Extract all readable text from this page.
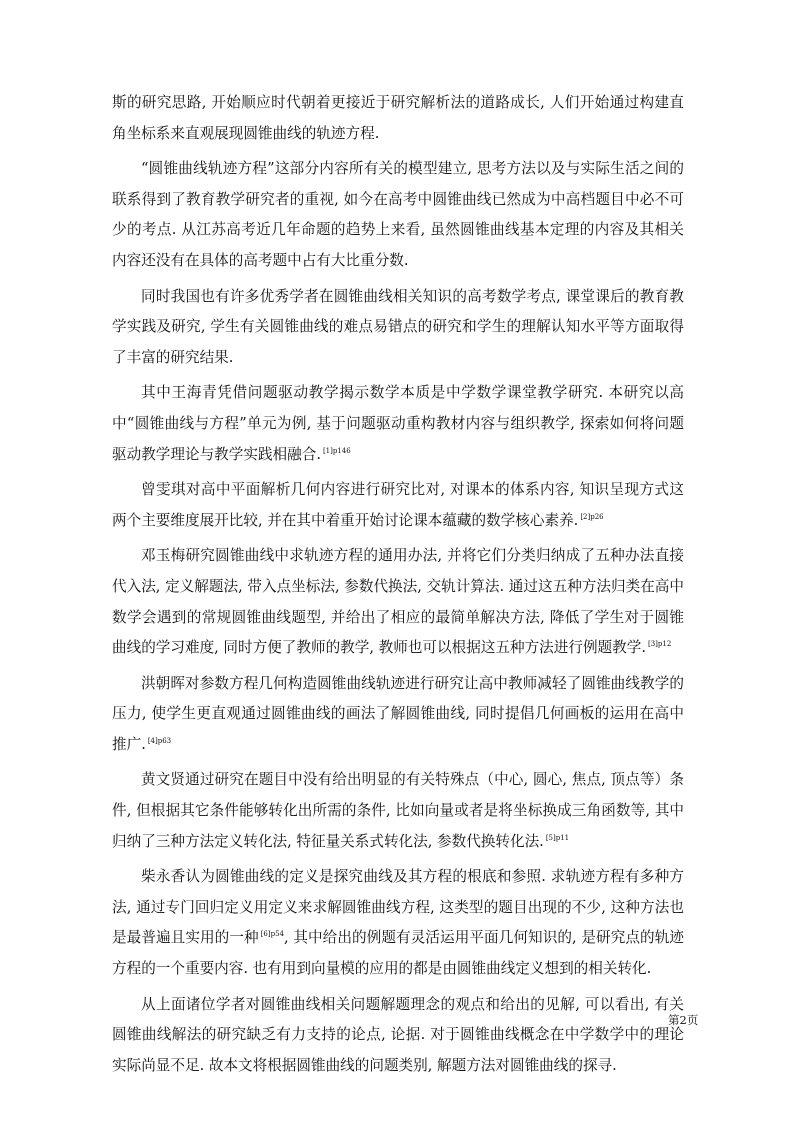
斯的研究思路, 开始顺应时代朝着更接近于研究解析法的道路成长, 人们开始通过构建直角坐标系来直观展现圆锥曲线的轨迹方程.

“圆锥曲线轨迹方程”这部分内容所有关的模型建立, 思考方法以及与实际生活之间的联系得到了教育教学研究者的重视, 如今在高考中圆锥曲线已然成为中高档题目中必不可少的考点. 从江苏高考近几年命题的趋势上来看, 虽然圆锥曲线基本定理的内容及其相关内容还没有在具体的高考题中占有大比重分数.

同时我国也有许多优秀学者在圆锥曲线相关知识的高考数学考点, 课堂课后的教育教学实践及研究, 学生有关圆锥曲线的难点易错点的研究和学生的理解认知水平等方面取得了丰富的研究结果.

其中王海青凭借问题驱动教学揭示数学本质是中学数学课堂教学研究. 本研究以高中“圆锥曲线与方程”单元为例, 基于问题驱动重构教材内容与组织教学, 探索如何将问题驱动教学理论与教学实践相融合. $^{[1]p146}$

曾雯琪对高中平面解析几何内容进行研究比对, 对课本的体系内容, 知识呈现方式这两个主要维度展开比较, 并在其中着重开始讨论课本蕴藏的数学核心素养. $^{[2]p26}$

邓玉梅研究圆锥曲线中求轨迹方程的通用办法, 并将它们分类归纳成了五种办法直接代入法, 定义解题法, 带入点坐标法, 参数代换法, 交轨计算法. 通过这五种方法归类在高中数学会遇到的常规圆锥曲线题型, 并给出了相应的最简单解决方法, 降低了学生对于圆锥曲线的学习难度, 同时方便了教师的教学, 教师也可以根据这五种方法进行例题教学. $^{[3]p12}$

洪朝晖对参数方程几何构造圆锥曲线轨迹进行研究让高中教师减轻了圆锥曲线教学的压力, 使学生更直观通过圆锥曲线的画法了解圆锥曲线, 同时提倡几何画板的运用在高中推广. $^{[4]p63}$

黄文贤通过研究在题目中没有给出明显的有关特殊点（中心, 圆心, 焦点, 顶点等）条件, 但根据其它条件能够转化出所需的条件, 比如向量或者是将坐标换成三角函数等, 其中归纳了三种方法定义转化法, 特征量关系式转化法, 参数代换转化法. $^{[5]p11}$

柴永香认为圆锥曲线的定义是探究曲线及其方程的根底和参照. 求轨迹方程有多种方法, 通过专门回归定义用定义来求解圆锥曲线方程, 这类型的题目出现的不少, 这种方法也是最普遍且实用的一种 $^{[6]p54}$, 其中给出的例题有灵活运用平面几何知识的, 是研究点的轨迹方程的一个重要内容. 也有用到向量模的应用的都是由圆锥曲线定义想到的相关转化.

从上面诸位学者对圆锥曲线相关问题解题理念的观点和给出的见解, 可以看出, 有关圆锥曲线解法的研究缺乏有力支持的论点, 论据. 对于圆锥曲线概念在中学数学中的理论实际尚显不足. 故本文将根据圆锥曲线的问题类别, 解题方法对圆锥曲线的探寻.

第2页
